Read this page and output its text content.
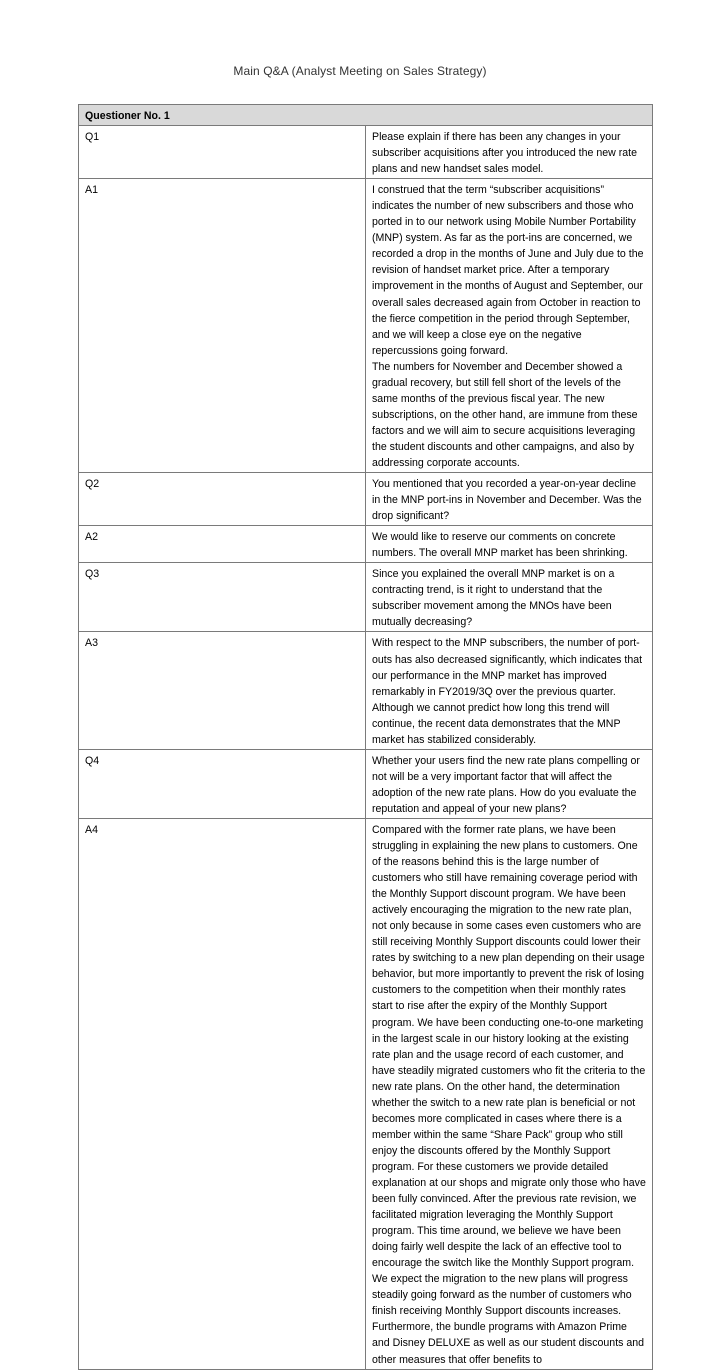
Main Q&A (Analyst Meeting on Sales Strategy)
Questioner No. 1	
Q1	Please explain if there has been any changes in your subscriber acquisitions after you introduced the new rate plans and new handset sales model.
A1	I construed that the term “subscriber acquisitions” indicates the number of new subscribers and those who ported in to our network using Mobile Number Portability (MNP) system. As far as the port-ins are concerned, we recorded a drop in the months of June and July due to the revision of handset market price. After a temporary improvement in the months of August and September, our overall sales decreased again from October in reaction to the fierce competition in the period through September, and we will keep a close eye on the negative repercussions going forward.
The numbers for November and December showed a gradual recovery, but still fell short of the levels of the same months of the previous fiscal year. The new subscriptions, on the other hand, are immune from these factors and we will aim to secure acquisitions leveraging the student discounts and other campaigns, and also by addressing corporate accounts.

Q2	You mentioned that you recorded a year-on-year decline in the MNP port-ins in November and December. Was the drop significant?
A2	We would like to reserve our comments on concrete numbers. The overall MNP market has been shrinking.
Q3	Since you explained the overall MNP market is on a contracting trend, is it right to understand that the subscriber movement among the MNOs have been mutually decreasing?
A3	With respect to the MNP subscribers, the number of port-outs has also decreased significantly, which indicates that our performance in the MNP market has improved remarkably in FY2019/3Q over the previous quarter. Although we cannot predict how long this trend will continue, the recent data demonstrates that the MNP market has stabilized considerably.
Q4	Whether your users find the new rate plans compelling or not will be a very important factor that will affect the adoption of the new rate plans. How do you evaluate the reputation and appeal of your new plans?
A4	Compared with the former rate plans, we have been struggling in explaining the new plans to customers. One of the reasons behind this is the large number of customers who still have remaining coverage period with the Monthly Support discount program. We have been actively encouraging the migration to the new rate plan, not only because in some cases even customers who are still receiving Monthly Support discounts could lower their rates by switching to a new plan depending on their usage behavior, but more importantly to prevent the risk of losing customers to the competition when their monthly rates start to rise after the expiry of the Monthly Support program. We have been conducting one-to-one marketing in the largest scale in our history looking at the existing rate plan and the usage record of each customer, and have steadily migrated customers who fit the criteria to the new rate plans. On the other hand, the determination whether the switch to a new rate plan is beneficial or not becomes more complicated in cases where there is a member within the same “Share Pack” group who still enjoy the discounts offered by the Monthly Support program. For these customers we provide detailed explanation at our shops and migrate only those who have been fully convinced. After the previous rate revision, we facilitated migration leveraging the Monthly Support program. This time around, we believe we have been doing fairly well despite the lack of an effective tool to encourage the switch like the Monthly Support program. We expect the migration to the new plans will progress steadily going forward as the number of customers who finish receiving Monthly Support discounts increases. Furthermore, the bundle programs with Amazon Prime and Disney DELUXE as well as our student discounts and other measures that offer benefits to
